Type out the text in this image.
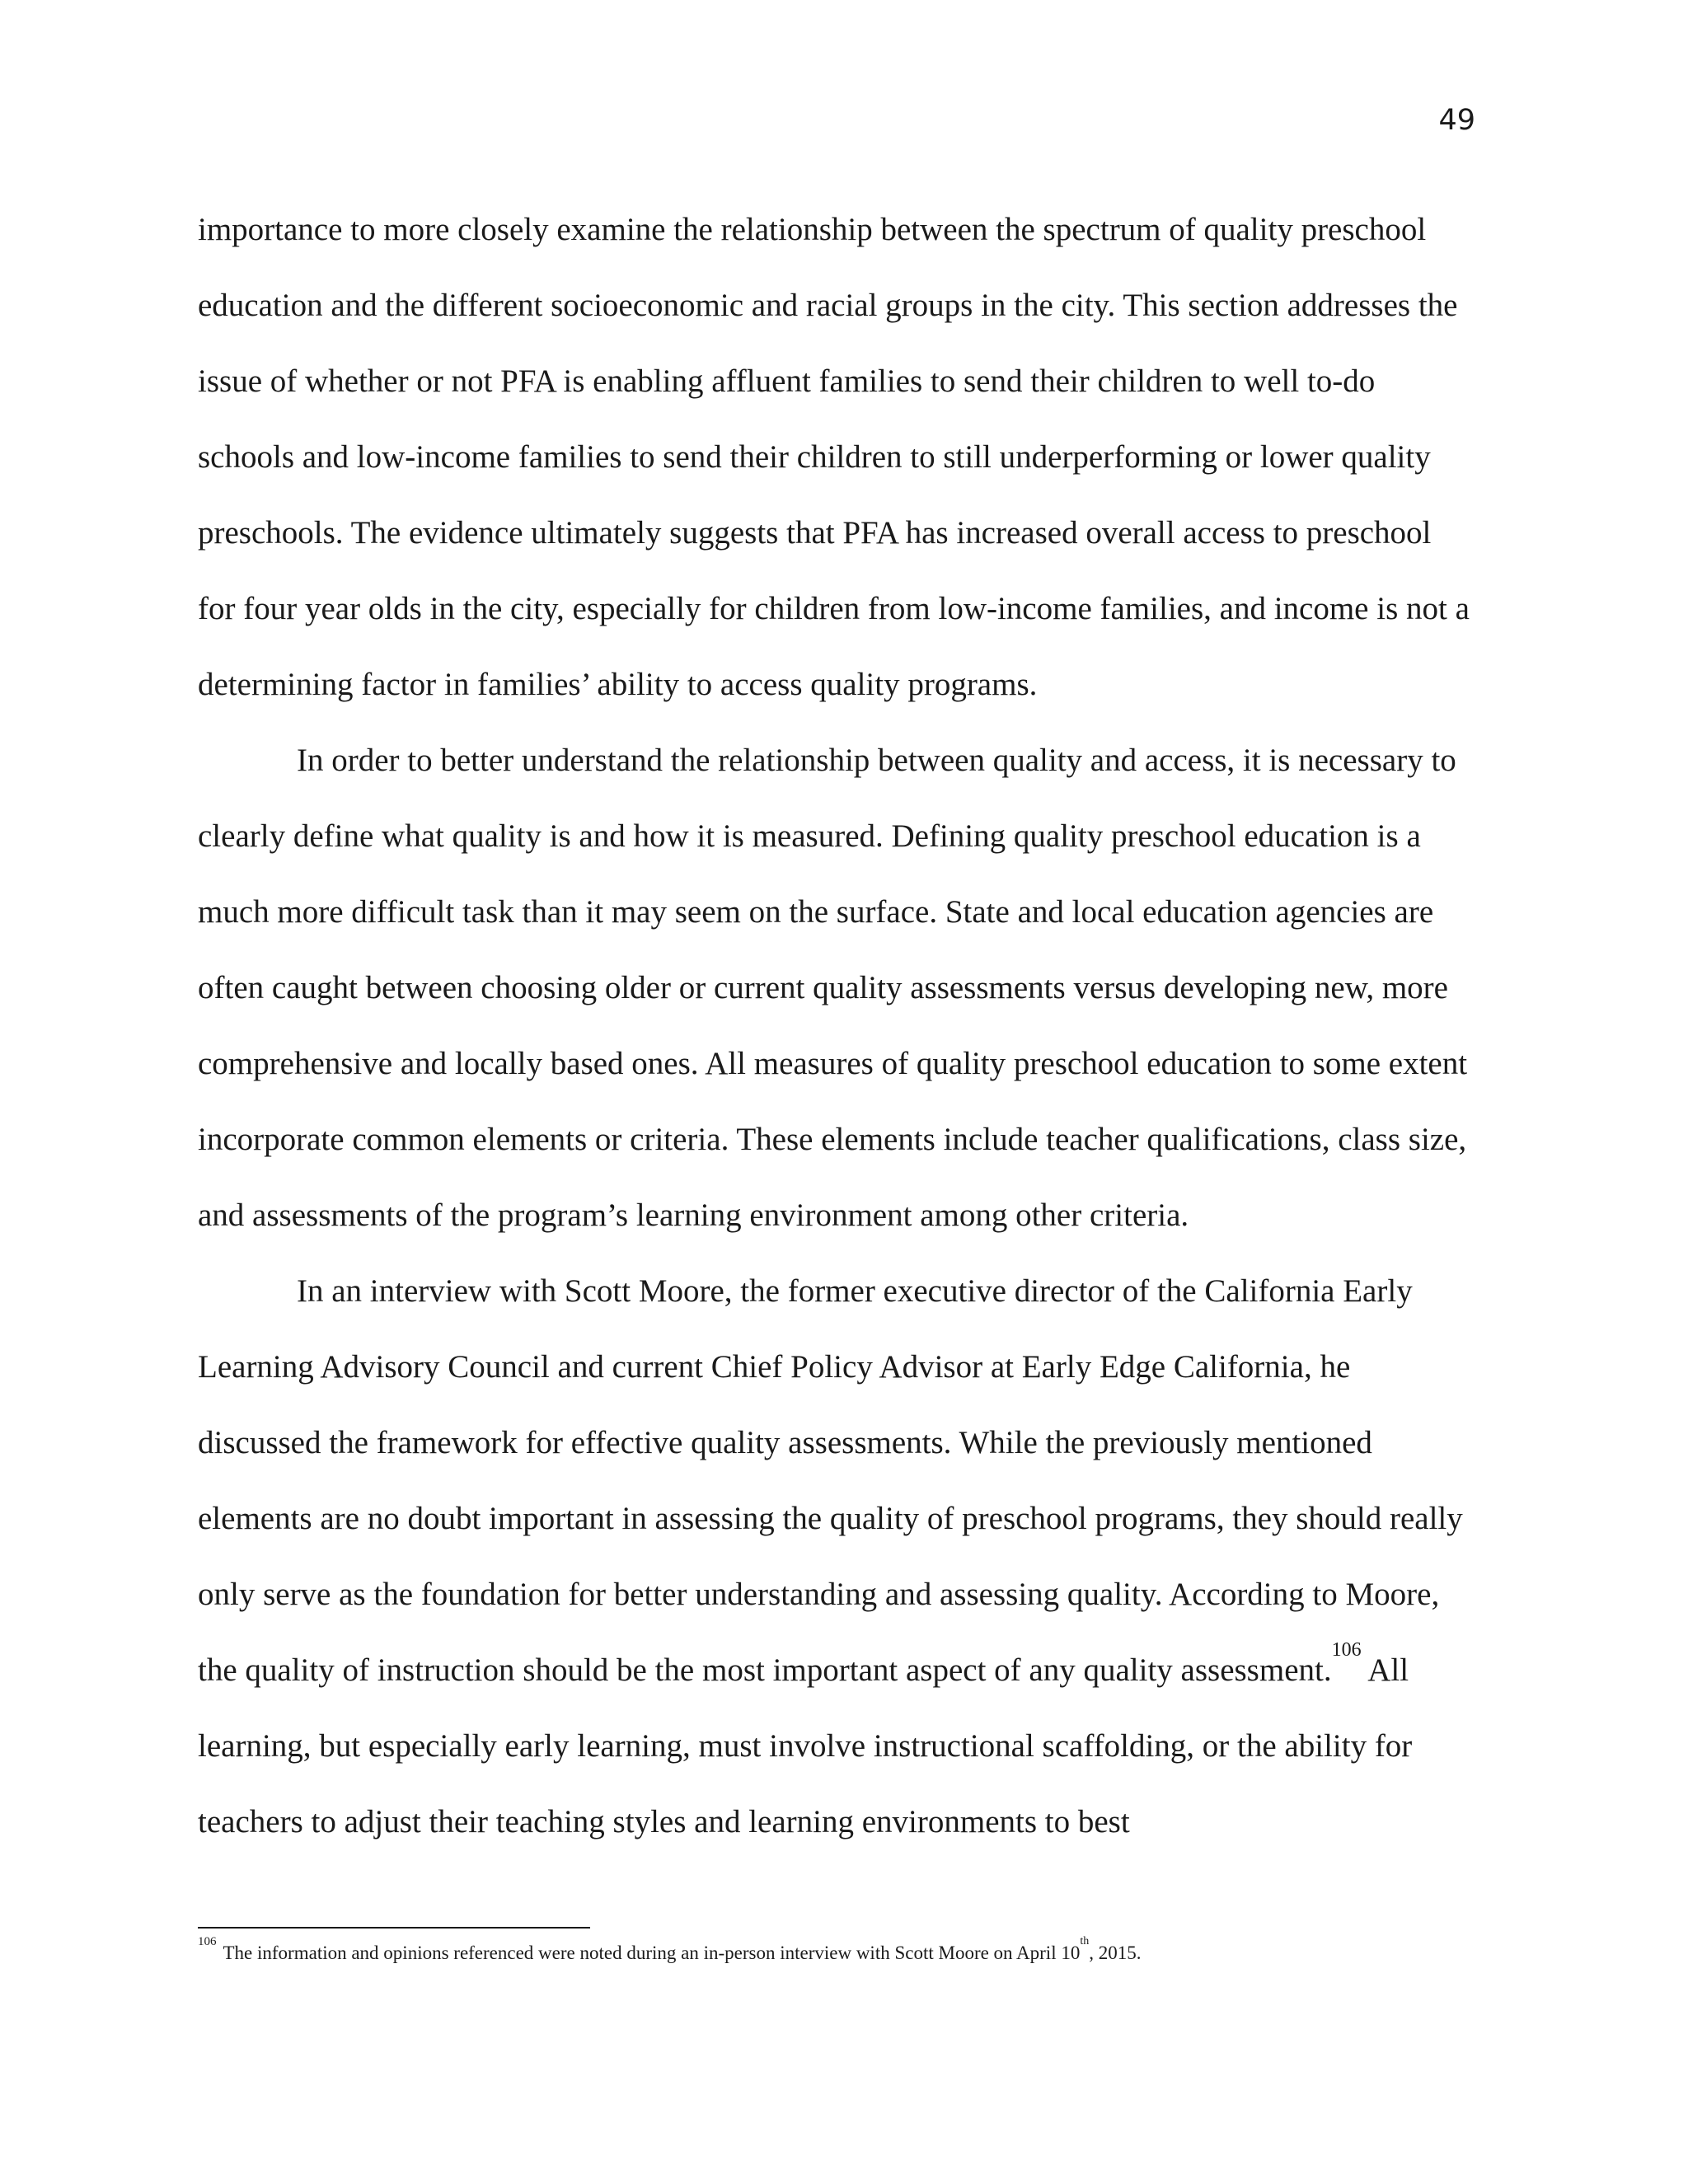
49

importance to more closely examine the relationship between the spectrum of quality preschool education and the different socioeconomic and racial groups in the city. This section addresses the issue of whether or not PFA is enabling affluent families to send their children to well to-do schools and low-income families to send their children to still underperforming or lower quality preschools. The evidence ultimately suggests that PFA has increased overall access to preschool for four year olds in the city, especially for children from low-income families, and income is not a determining factor in families’ ability to access quality programs.

In order to better understand the relationship between quality and access, it is necessary to clearly define what quality is and how it is measured. Defining quality preschool education is a much more difficult task than it may seem on the surface. State and local education agencies are often caught between choosing older or current quality assessments versus developing new, more comprehensive and locally based ones. All measures of quality preschool education to some extent incorporate common elements or criteria. These elements include teacher qualifications, class size, and assessments of the program’s learning environment among other criteria.

In an interview with Scott Moore, the former executive director of the California Early Learning Advisory Council and current Chief Policy Advisor at Early Edge California, he discussed the framework for effective quality assessments. While the previously mentioned elements are no doubt important in assessing the quality of preschool programs, they should really only serve as the foundation for better understanding and assessing quality. According to Moore, the quality of instruction should be the most important aspect of any quality assessment.$^{106}$ All learning, but especially early learning, must involve instructional scaffolding, or the ability for teachers to adjust their teaching styles and learning environments to best

$^{106}$The information and opinions referenced were noted during an in-person interview with Scott Moore on April 10th, 2015.
